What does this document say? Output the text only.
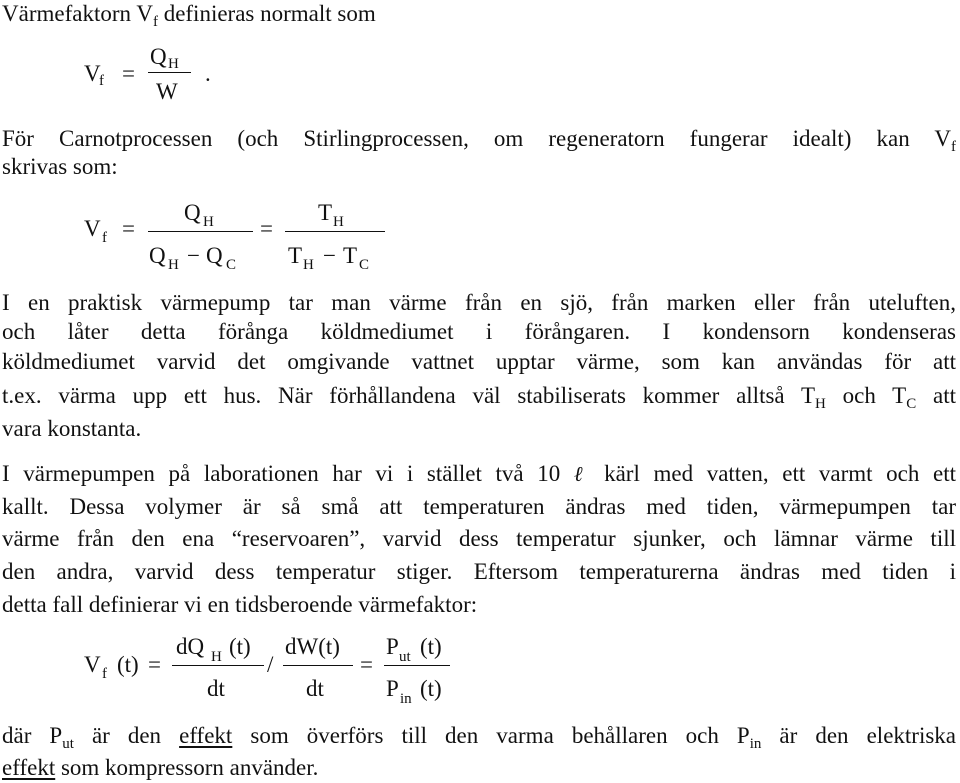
Värmefaktorn $V_f$ definieras normalt som
V
f =
Q H
W
.
För Carnotprocessen (och Stirlingprocessen, om regeneratorn fungerar idealt) kan $V_f$
skrivas som:
V f =
Q H
Q H − Q C
=
T H
T H − T C
I en praktisk värmepump tar man värme från en sjö, från marken eller från uteluften,
och låter detta förånga köldmediumet i förångaren. I kondensorn kondenseras
köldmediumet varvid det omgivande vattnet upptar värme, som kan användas för att
t.ex. värma upp ett hus. När förhållandena väl stabiliserats kommer alltså $T_H$ och $T_C$ att
vara konstanta.
I värmepumpen på laborationen har vi i stället två 10 ℓ kärl med vatten, ett varmt och ett
kallt. Dessa volymer är så små att temperaturen ändras med tiden, värmepumpen tar
värme från den ena “reservoaren”, varvid dess temperatur sjunker, och lämnar värme till
den andra, varvid dess temperatur stiger. Eftersom temperaturerna ändras med tiden i
detta fall definierar vi en tidsberoende värmefaktor:
V f (t) =
dQ H (t)
dt
/
dW(t)
dt
=
P ut (t)
P in (t)
där $P_{ut}$ är den effekt som överförs till den varma behållaren och $P_{in}$ är den elektriska
effekt som kompressorn använder.
